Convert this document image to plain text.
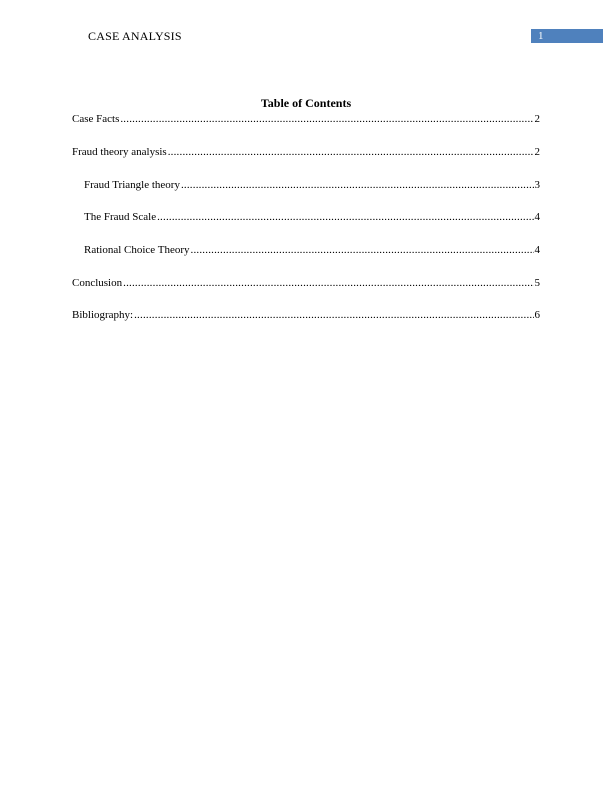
CASE ANALYSIS	1
Table of Contents
Case Facts .....	2
Fraud theory analysis .....	2
Fraud Triangle theory .....	3
The Fraud Scale .....	4
Rational Choice Theory .....	4
Conclusion .....	5
Bibliography: .....	6
